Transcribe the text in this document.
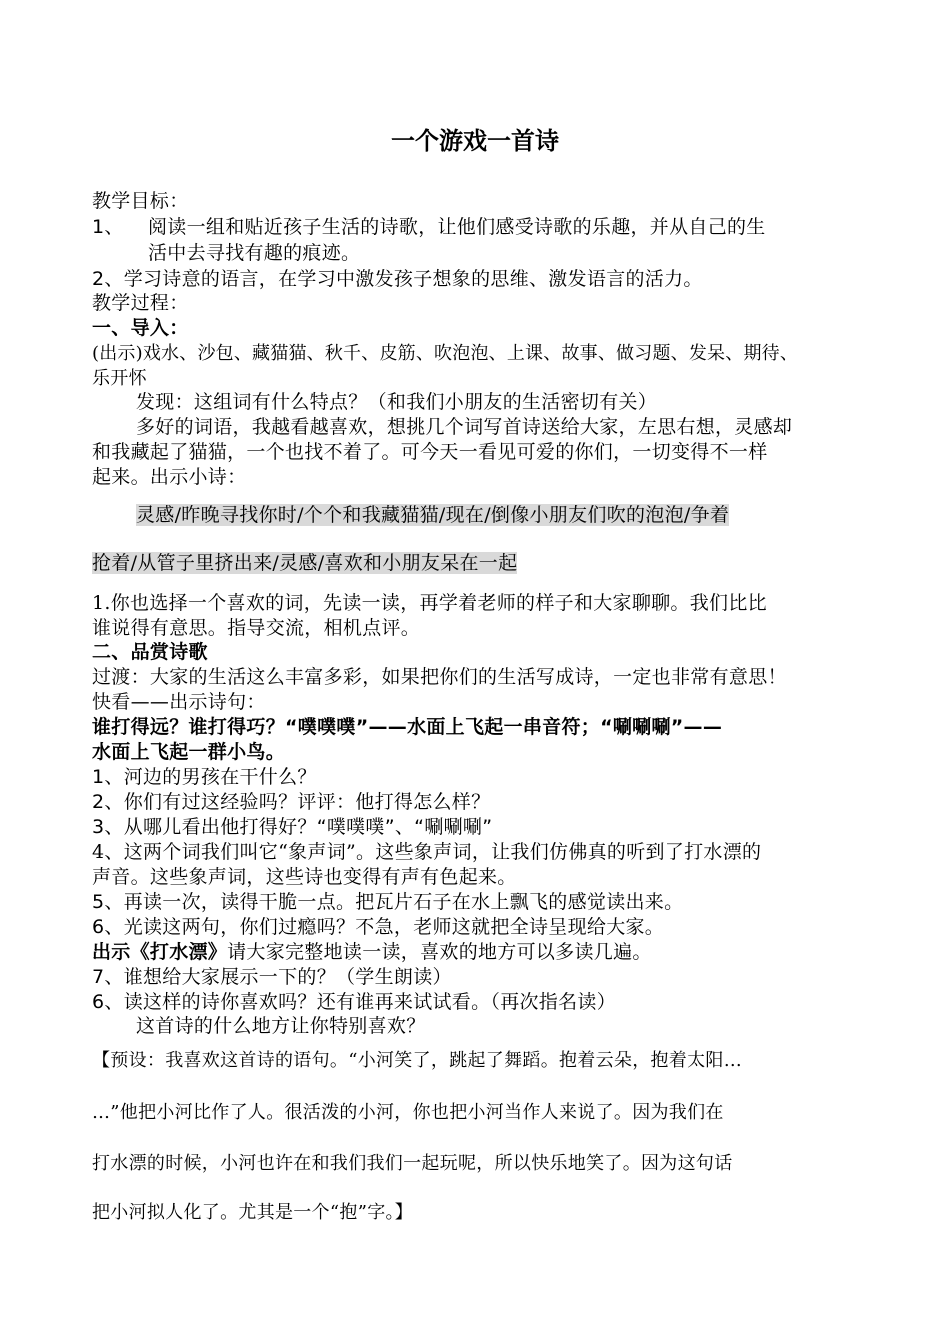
一个游戏一首诗
教学目标：
1、 阅读一组和贴近孩子生活的诗歌，让他们感受诗歌的乐趣，并从自己的生
活中去寻找有趣的痕迹。
2、学习诗意的语言，在学习中激发孩子想象的思维、激发语言的活力。
教学过程：
一、导入：
(出示)戏水、沙包、藏猫猫、秋千、皮筋、吹泡泡、上课、故事、做习题、发呆、期待、
乐开怀
发现：这组词有什么特点？（和我们小朋友的生活密切有关）
多好的词语，我越看越喜欢，想挑几个词写首诗送给大家，左思右想，灵感却
和我藏起了猫猫，一个也找不着了。可今天一看见可爱的你们，一切变得不一样
起来。出示小诗：
灵感/昨晚寻找你时/个个和我藏猫猫/现在/倒像小朋友们吹的泡泡/争着
抢着/从管子里挤出来/灵感/喜欢和小朋友呆在一起
1.你也选择一个喜欢的词，先读一读，再学着老师的样子和大家聊聊。我们比比
谁说得有意思。指导交流，相机点评。
二、品赏诗歌
过渡：大家的生活这么丰富多彩，如果把你们的生活写成诗，一定也非常有意思！
快看——出示诗句：
谁打得远？谁打得巧？“噗噗噗”——水面上飞起一串音符；“唰唰唰”——
水面上飞起一群小鸟。
1、河边的男孩在干什么？
2、你们有过这经验吗？评评：他打得怎么样？
3、从哪儿看出他打得好？“噗噗噗”、“唰唰唰”
4、这两个词我们叫它“象声词”。这些象声词，让我们仿佛真的听到了打水漂的
声音。这些象声词，这些诗也变得有声有色起来。
5、再读一次，读得干脆一点。把瓦片石子在水上飘飞的感觉读出来。
6、光读这两句，你们过瘾吗？不急，老师这就把全诗呈现给大家。
出示《打水漂》请大家完整地读一读，喜欢的地方可以多读几遍。
7、谁想给大家展示一下的？（学生朗读）
6、读这样的诗你喜欢吗？还有谁再来试试看。（再次指名读）
这首诗的什么地方让你特别喜欢？
【预设：我喜欢这首诗的语句。“小河笑了，跳起了舞蹈。抱着云朵，抱着太阳…
…”他把小河比作了人。很活泼的小河，你也把小河当作人来说了。因为我们在
打水漂的时候，小河也许在和我们我们一起玩呢，所以快乐地笑了。因为这句话
把小河拟人化了。尤其是一个“抱”字。】
